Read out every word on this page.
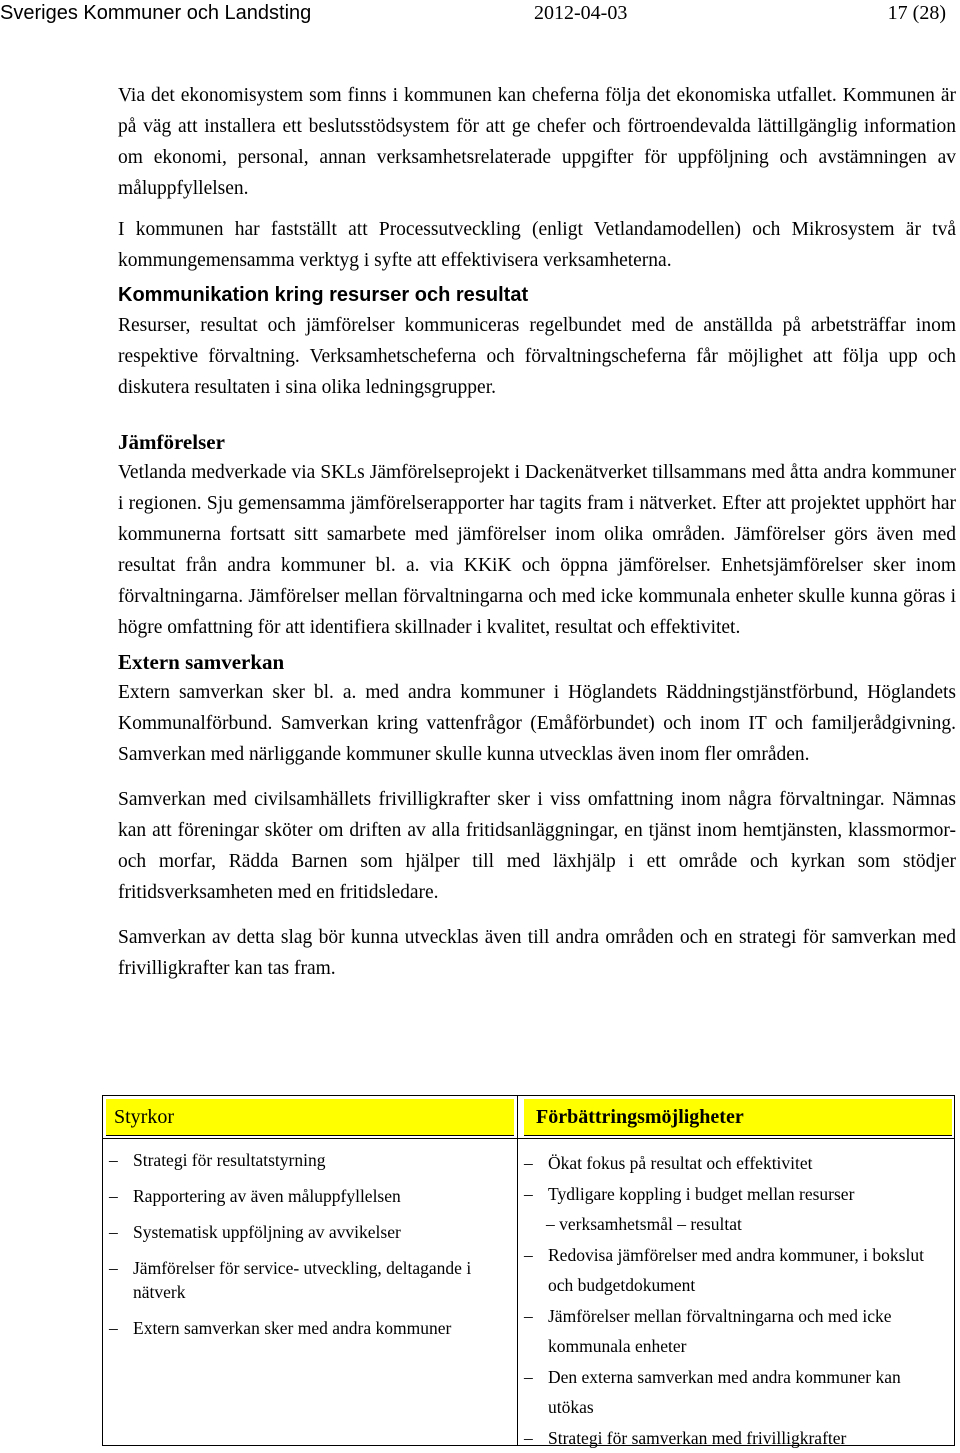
Sveriges Kommuner och Landsting	2012-04-03	17 (28)

Via det ekonomisystem som finns i kommunen kan cheferna följa det ekonomiska utfallet. Kommunen är på väg att installera ett beslutsstödsystem för att ge chefer och förtroendevalda lättillgänglig information om ekonomi, personal, annan verksamhetsrelaterade uppgifter för uppföljning och avstämningen av måluppfyllelsen.

I kommunen har fastställt att Processutveckling (enligt Vetlandamodellen) och Mikrosystem är två kommungemensamma verktyg i syfte att effektivisera verksamheterna.

Kommunikation kring resurser och resultat

Resurser, resultat och jämförelser kommuniceras regelbundet med de anställda på arbetsträffar inom respektive förvaltning. Verksamhetscheferna och förvaltningscheferna får möjlighet att följa upp och diskutera resultaten i sina olika ledningsgrupper.

Jämförelser

Vetlanda medverkade via SKLs Jämförelseprojekt i Dackenätverket tillsammans med åtta andra kommuner i regionen. Sju gemensamma jämförelserapporter har tagits fram i nätverket. Efter att projektet upphört har kommunerna fortsatt sitt samarbete med jämförelser inom olika områden. Jämförelser görs även med resultat från andra kommuner bl. a. via KKiK och öppna jämförelser. Enhetsjämförelser sker inom förvaltningarna. Jämförelser mellan förvaltningarna och med icke kommunala enheter skulle kunna göras i högre omfattning för att identifiera skillnader i kvalitet, resultat och effektivitet.

Extern samverkan

Extern samverkan sker bl. a. med andra kommuner i Höglandets Räddningstjänstförbund, Höglandets Kommunalförbund. Samverkan kring vattenfrågor (Emåförbundet) och inom IT och familjerådgivning. Samverkan med närliggande kommuner skulle kunna utvecklas även inom fler områden.

Samverkan med civilsamhällets frivilligkrafter sker i viss omfattning inom några förvaltningar. Nämnas kan att föreningar sköter om driften av alla fritidsanläggningar, en tjänst inom hemtjänsten, klassmormor- och morfar, Rädda Barnen som hjälper till med läxhjälp i ett område och kyrkan som stödjer fritidsverksamheten med en fritidsledare.

Samverkan av detta slag bör kunna utvecklas även till andra områden och en strategi för samverkan med frivilligkrafter kan tas fram.

Styrkor
– Strategi för resultatstyrning
– Rapportering av även måluppfyllelsen
– Systematisk uppföljning av avvikelser
– Jämförelser för service- utveckling, deltagande i nätverk
– Extern samverkan sker med andra kommuner
Förbättringsmöjligheter
– Ökat fokus på resultat och effektivitet
– Tydligare koppling i budget mellan resurser
– verksamhetsmål – resultat
– Redovisa jämförelser med andra kommuner, i bokslut och budgetdokument
– Jämförelser mellan förvaltningarna och med icke kommunala enheter
– Den externa samverkan med andra kommuner kan utökas
– Strategi för samverkan med frivilligkrafter
